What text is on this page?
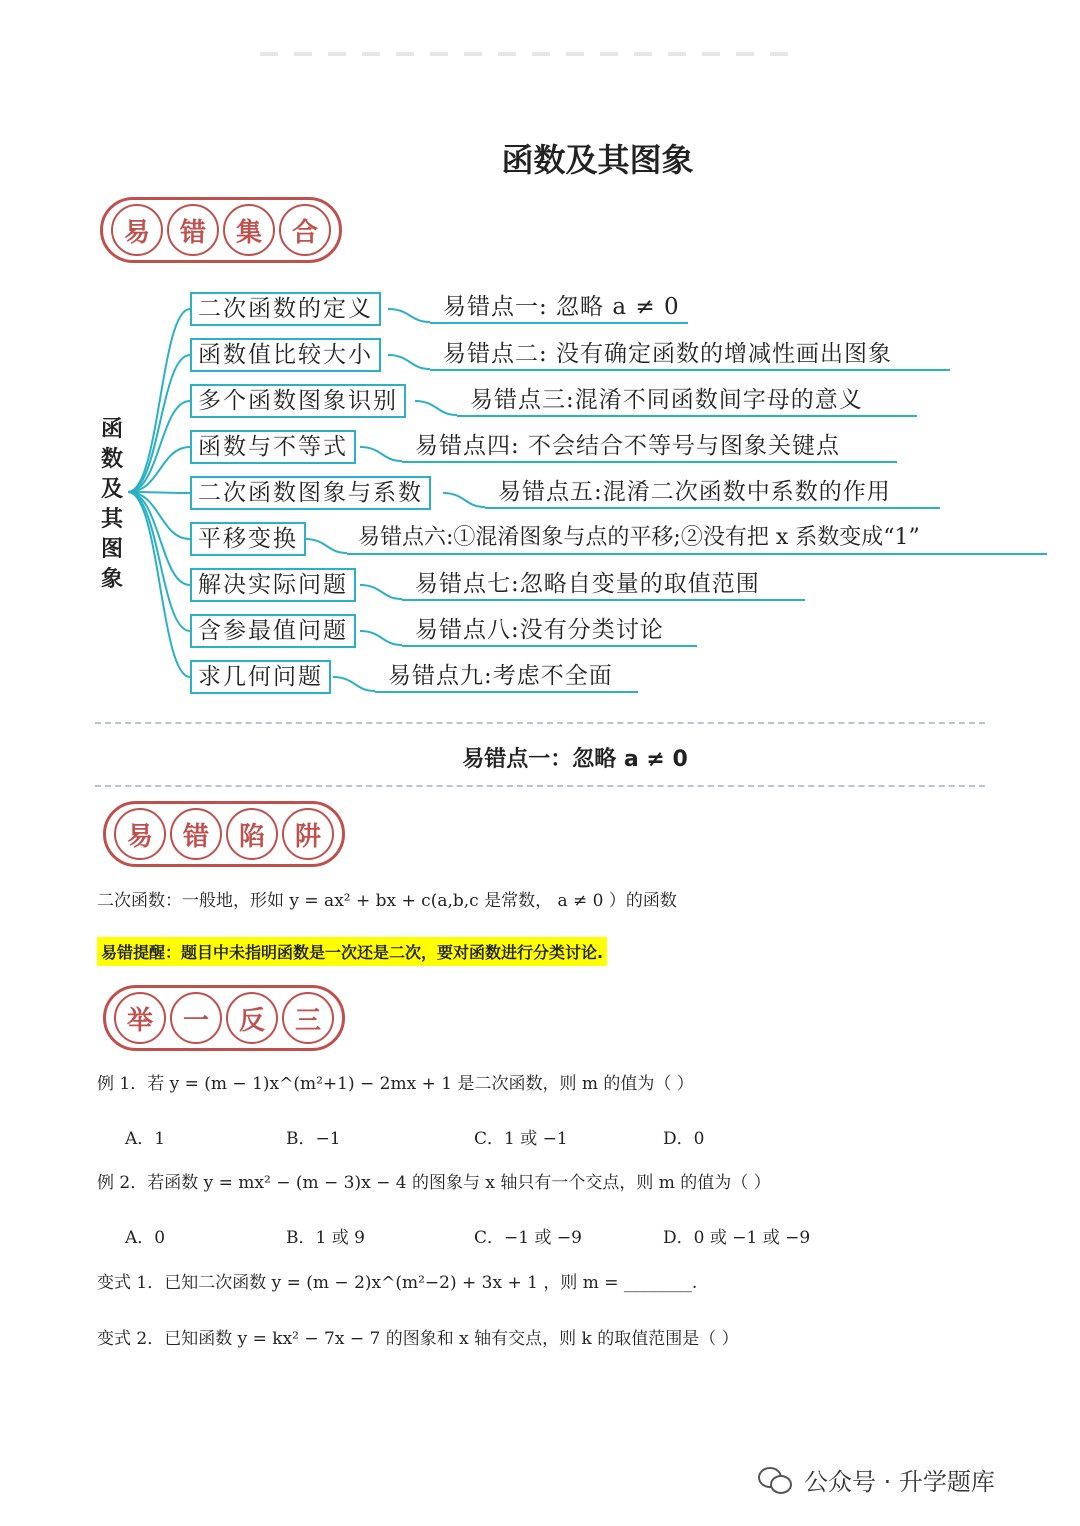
函数及其图象
易	错	集	合
函
数
及
其
图
象
二次函数的定义	易错点一: 忽略 a ≠ 0
函数值比较大小	易错点二: 没有确定函数的增减性画出图象
多个函数图象识别	易错点三:混淆不同函数间字母的意义
函数与不等式	易错点四: 不会结合不等号与图象关键点
二次函数图象与系数	易错点五:混淆二次函数中系数的作用
平移变换	易错点六:①混淆图象与点的平移;②没有把 x 系数变成“1”
解决实际问题	易错点七:忽略自变量的取值范围
含参最值问题	易错点八:没有分类讨论
求几何问题	易错点九:考虑不全面
易错点一：忽略 a ≠ 0
易	错	陷	阱
二次函数：一般地，形如 y = ax² + bx + c(a,b,c 是常数， a ≠ 0 ）的函数
易错提醒：题目中未指明函数是一次还是二次，要对函数进行分类讨论.
举	一	反	三
例 1．若 y = (m − 1)x^(m²+1) − 2mx + 1 是二次函数，则 m 的值为（ ）
A．1	B．−1	C．1 或 −1	D．0
例 2．若函数 y = mx² − (m − 3)x − 4 的图象与 x 轴只有一个交点，则 m 的值为（ ）
A．0	B．1 或 9	C．−1 或 −9	D．0 或 −1 或 −9
变式 1．已知二次函数 y = (m − 2)x^(m²−2) + 3x + 1 ，则 m = ________.
变式 2．已知函数 y = kx² − 7x − 7 的图象和 x 轴有交点，则 k 的取值范围是（ ）
公众号 · 升学题库
